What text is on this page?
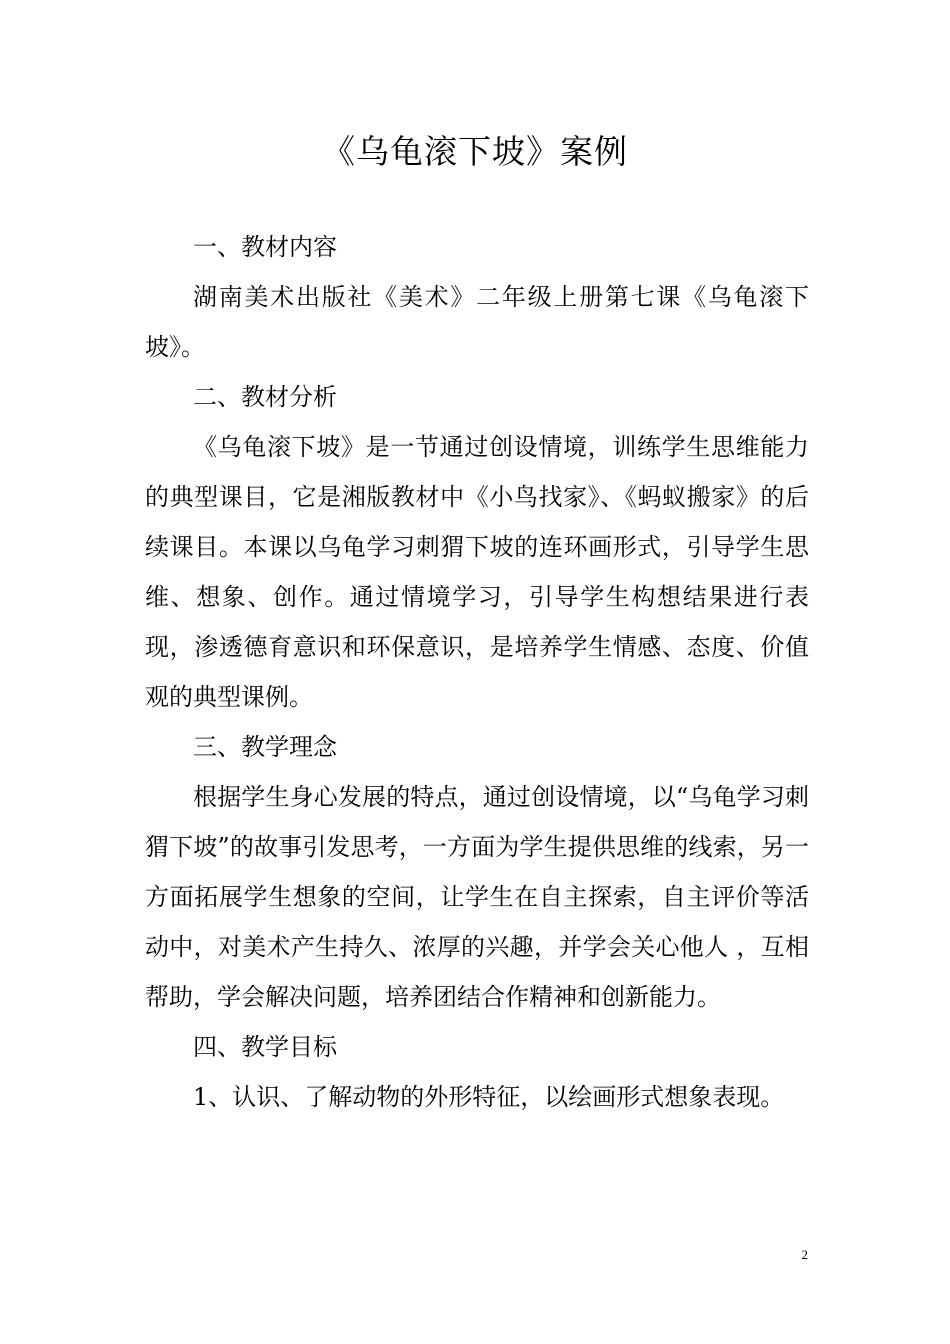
《乌龟滚下坡》案例

一、教材内容

湖南美术出版社《美术》二年级上册第七课《乌龟滚下坡》。

二、教材分析

《乌龟滚下坡》是一节通过创设情境，训练学生思维能力的典型课目，它是湘版教材中《小鸟找家》、《蚂蚁搬家》的后续课目。本课以乌龟学习刺猬下坡的连环画形式，引导学生思维、想象、创作。通过情境学习，引导学生构想结果进行表现，渗透德育意识和环保意识，是培养学生情感、态度、价值观的典型课例。

三、教学理念

根据学生身心发展的特点，通过创设情境，以“乌龟学习刺猬下坡”的故事引发思考，一方面为学生提供思维的线索，另一方面拓展学生想象的空间，让学生在自主探索，自主评价等活动中，对美术产生持久、浓厚的兴趣，并学会关心他人 ，互相帮助，学会解决问题，培养团结合作精神和创新能力。

四、教学目标

1、认识、了解动物的外形特征，以绘画形式想象表现。

2
